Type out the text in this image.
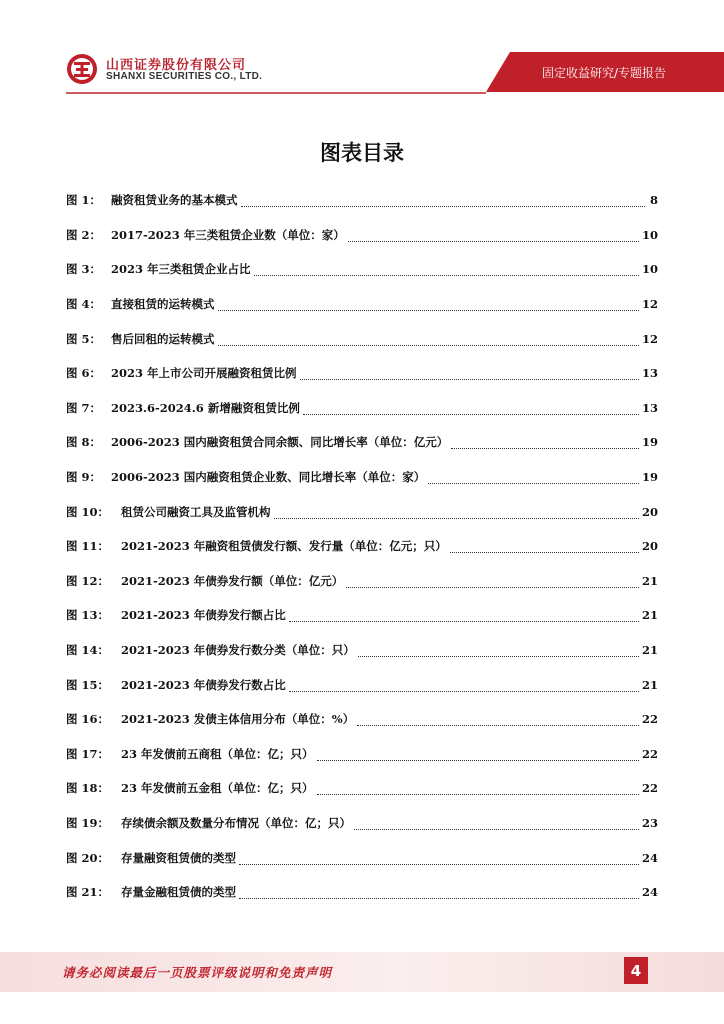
山西证券股份有限公司
SHANXI SECURITIES CO., LTD.	固定收益研究/专题报告
图表目录
图 1： 融资租赁业务的基本模式	8
图 2： 2017-2023 年三类租赁企业数（单位：家）	10
图 3： 2023 年三类租赁企业占比	10
图 4： 直接租赁的运转模式	12
图 5： 售后回租的运转模式	12
图 6： 2023 年上市公司开展融资租赁比例	13
图 7： 2023.6-2024.6 新增融资租赁比例	13
图 8： 2006-2023 国内融资租赁合同余额、同比增长率（单位：亿元）	19
图 9： 2006-2023 国内融资租赁企业数、同比增长率（单位：家）	19
图 10： 租赁公司融资工具及监管机构	20
图 11： 2021-2023 年融资租赁债发行额、发行量（单位：亿元；只）	20
图 12： 2021-2023 年债券发行额（单位：亿元）	21
图 13： 2021-2023 年债券发行额占比	21
图 14： 2021-2023 年债券发行数分类（单位：只）	21
图 15： 2021-2023 年债券发行数占比	21
图 16： 2021-2023 发债主体信用分布（单位：%）	22
图 17： 23 年发债前五商租（单位：亿；只）	22
图 18： 23 年发债前五金租（单位：亿；只）	22
图 19： 存续债余额及数量分布情况（单位：亿；只）	23
图 20： 存量融资租赁债的类型	24
图 21： 存量金融租赁债的类型	24
请务必阅读最后一页股票评级说明和免责声明	4
